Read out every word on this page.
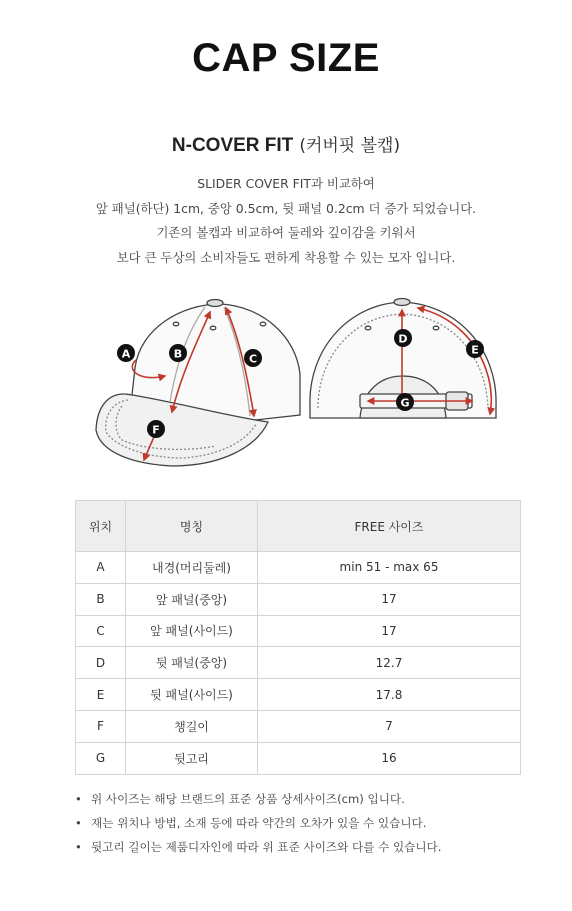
CAP SIZE
N-COVER FIT (커버핏 볼캡)

SLIDER COVER FIT과 비교하여

앞 패널(하단) 1cm, 중앙 0.5cm, 뒷 패널 0.2cm 더 증가 되었습니다.

기존의 볼캡과 비교하여 둘레와 깊이감을 키워서

보다 큰 두상의 소비자들도 편하게 착용할 수 있는 모자 입니다.

A	B	C
D
E
F
G
위치	명칭	FREE 사이즈
A	내경(머리둘레)	min 51 - max 65
B	앞 패널(중앙)	17
C	앞 패널(사이드)	17
D	뒷 패널(중앙)	12.7
E	뒷 패널(사이드)	17.8
F	챙길이	7
G	뒷고리	16
• 위 사이즈는 해당 브랜드의 표준 상품 상세사이즈(cm) 입니다.
• 재는 위치나 방법, 소재 등에 따라 약간의 오차가 있을 수 있습니다.
• 뒷고리 길이는 제품디자인에 따라 위 표준 사이즈와 다를 수 있습니다.
